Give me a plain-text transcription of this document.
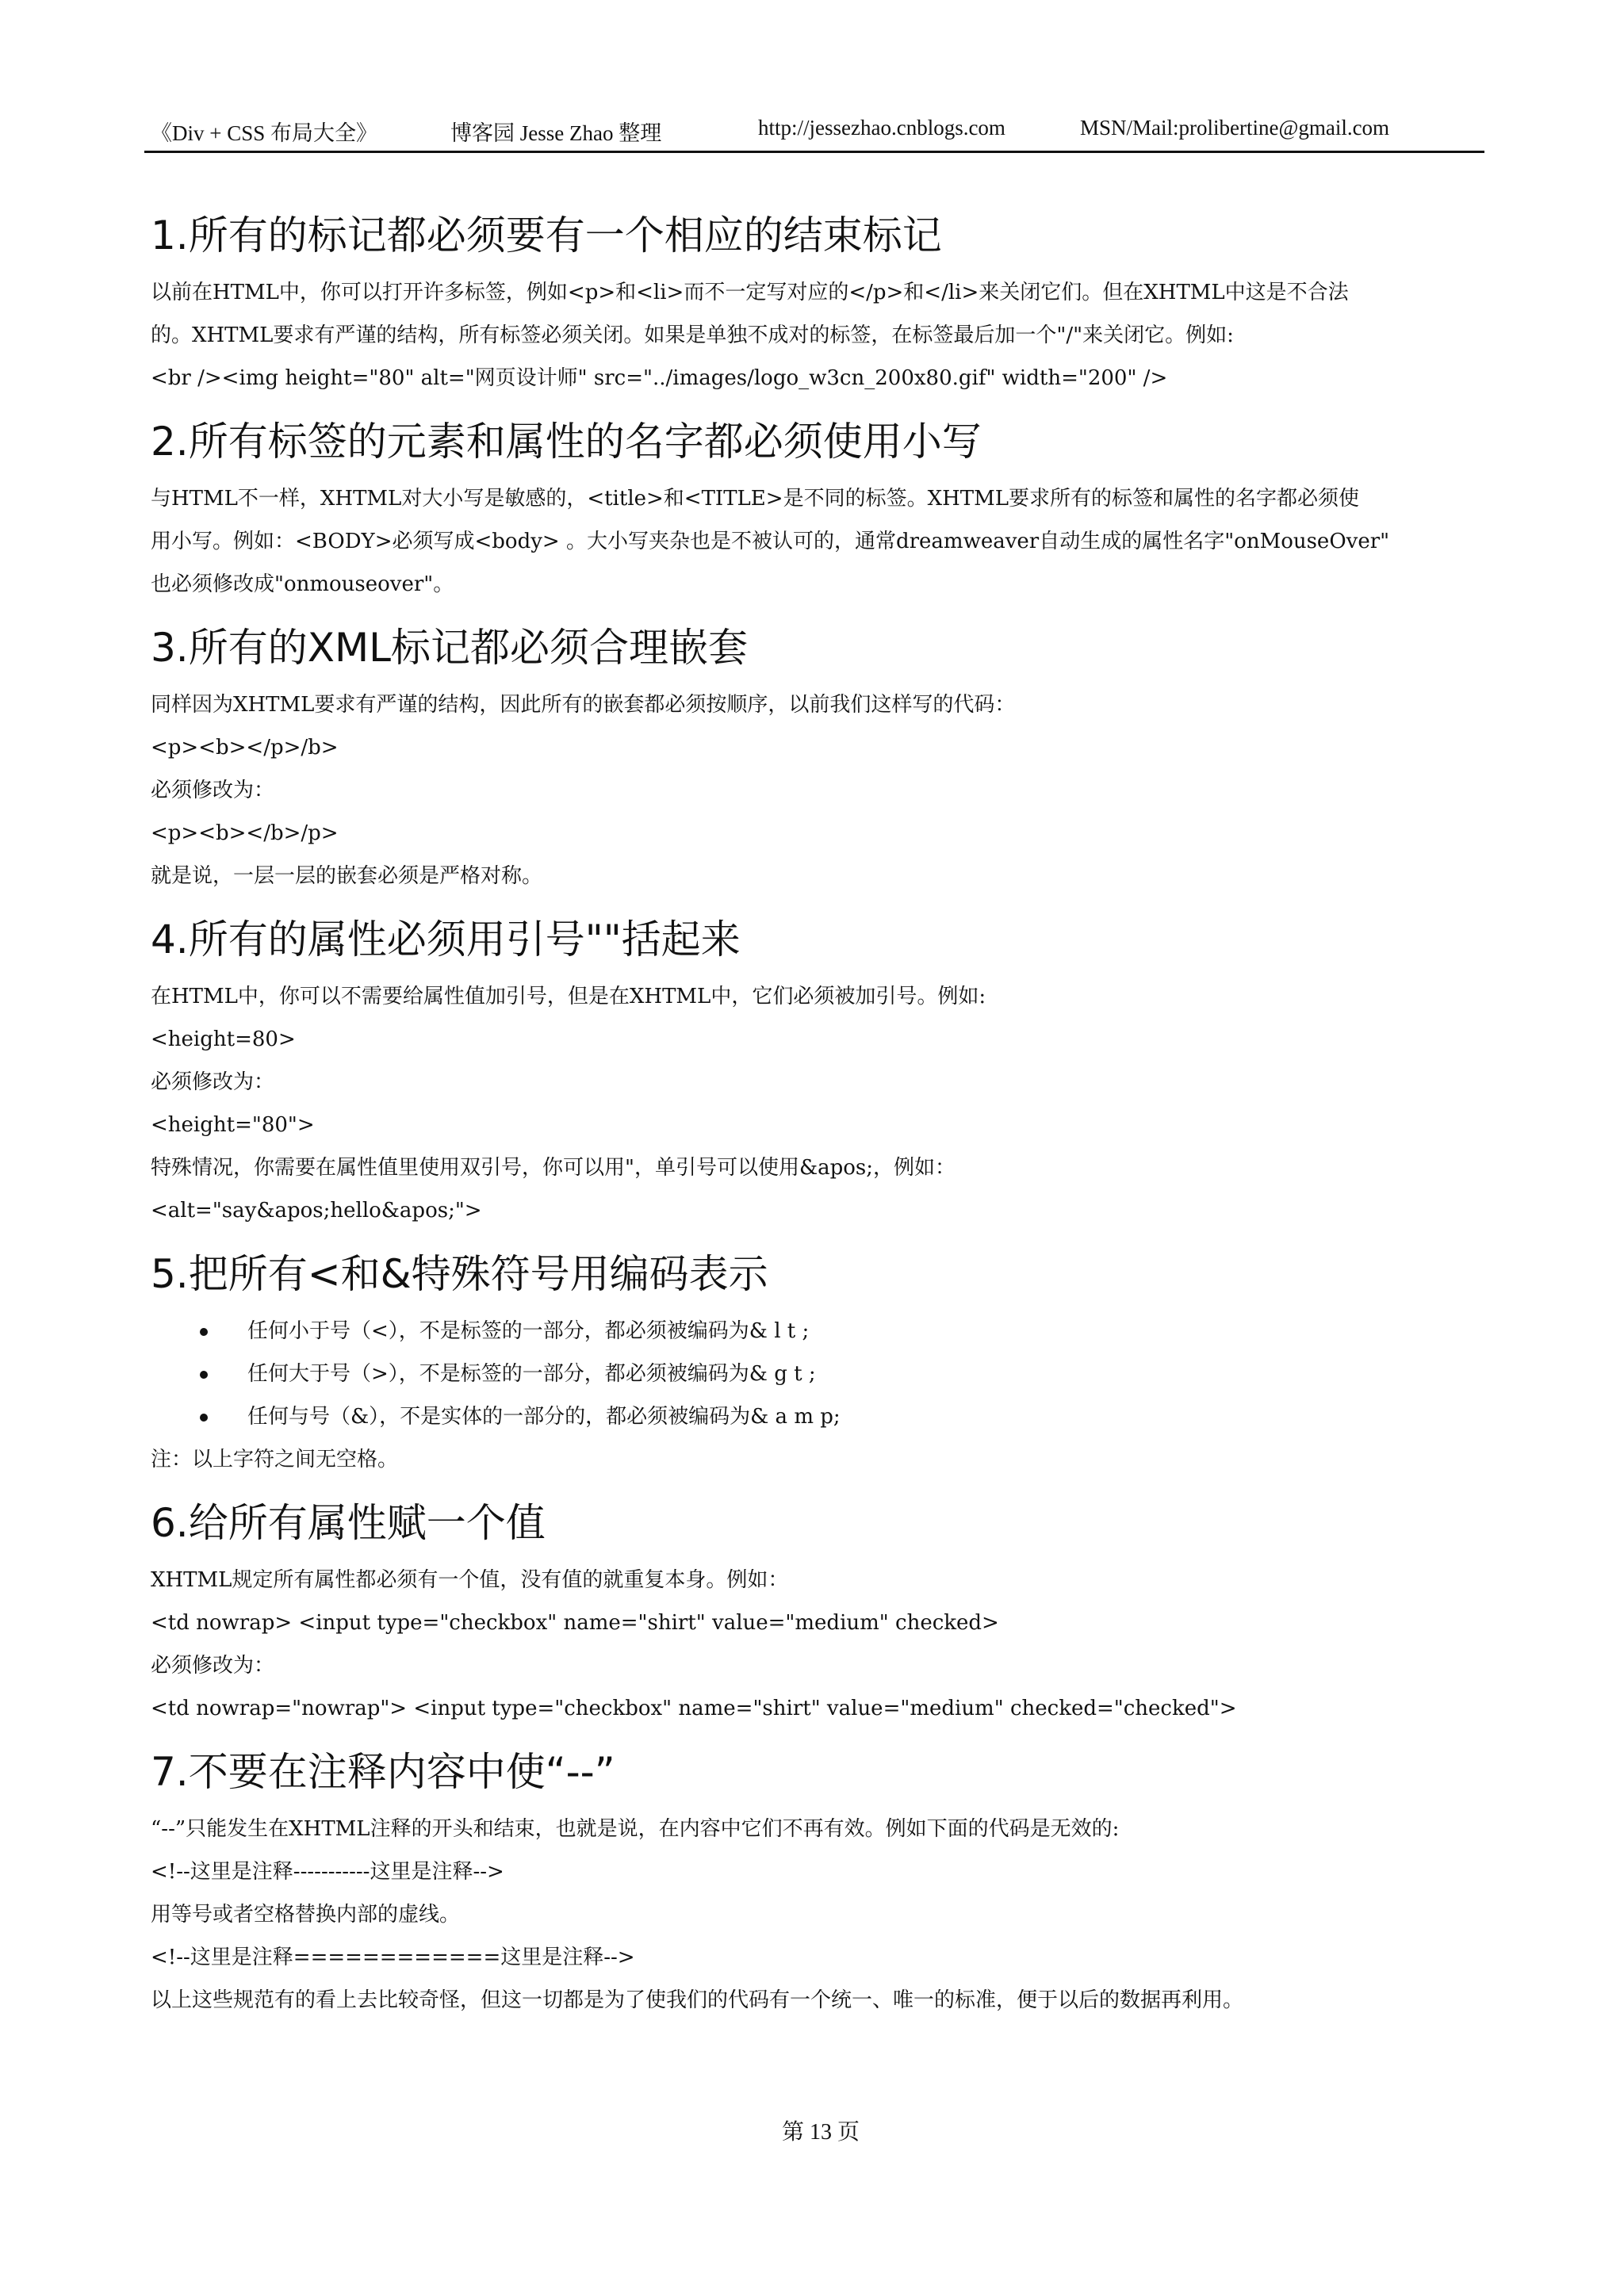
《Div + CSS 布局大全》	博客园 Jesse Zhao 整理	http://jessezhao.cnblogs.com	MSN/Mail:prolibertine@gmail.com
1.所有的标记都必须要有一个相应的结束标记
以前在HTML中，你可以打开许多标签，例如<p>和<li>而不一定写对应的</p>和</li>来关闭它们。但在XHTML中这是不合法
的。XHTML要求有严谨的结构，所有标签必须关闭。如果是单独不成对的标签，在标签最后加一个"/"来关闭它。例如:
<br /><img height="80" alt="网页设计师" src="../images/logo_w3cn_200x80.gif" width="200" />
2.所有标签的元素和属性的名字都必须使用小写
与HTML不一样，XHTML对大小写是敏感的，<title>和<TITLE>是不同的标签。XHTML要求所有的标签和属性的名字都必须使
用小写。例如：<BODY>必须写成<body> 。大小写夹杂也是不被认可的，通常dreamweaver自动生成的属性名字"onMouseOver"
也必须修改成"onmouseover"。
3.所有的XML标记都必须合理嵌套
同样因为XHTML要求有严谨的结构，因此所有的嵌套都必须按顺序，以前我们这样写的代码：
<p><b></p>/b>
必须修改为：
<p><b></b>/p>
就是说，一层一层的嵌套必须是严格对称。
4.所有的属性必须用引号""括起来
在HTML中，你可以不需要给属性值加引号，但是在XHTML中，它们必须被加引号。例如:
<height=80>
必须修改为：
<height="80">
特殊情况，你需要在属性值里使用双引号，你可以用"，单引号可以使用&apos;，例如：
<alt="say&apos;hello&apos;">
5.把所有<和&特殊符号用编码表示
任何小于号（<），不是标签的一部分，都必须被编码为& l t ;
任何大于号（>），不是标签的一部分，都必须被编码为& g t ;
任何与号（&），不是实体的一部分的，都必须被编码为& a m p;
注：以上字符之间无空格。
6.给所有属性赋一个值
XHTML规定所有属性都必须有一个值，没有值的就重复本身。例如：
<td nowrap> <input type="checkbox" name="shirt" value="medium" checked>
必须修改为：
<td nowrap="nowrap"> <input type="checkbox" name="shirt" value="medium" checked="checked">
7.不要在注释内容中使“--”
“--”只能发生在XHTML注释的开头和结束，也就是说，在内容中它们不再有效。例如下面的代码是无效的:
<!--这里是注释-----------这里是注释-->
用等号或者空格替换内部的虚线。
<!--这里是注释============这里是注释-->
以上这些规范有的看上去比较奇怪，但这一切都是为了使我们的代码有一个统一、唯一的标准，便于以后的数据再利用。
第 13 页
